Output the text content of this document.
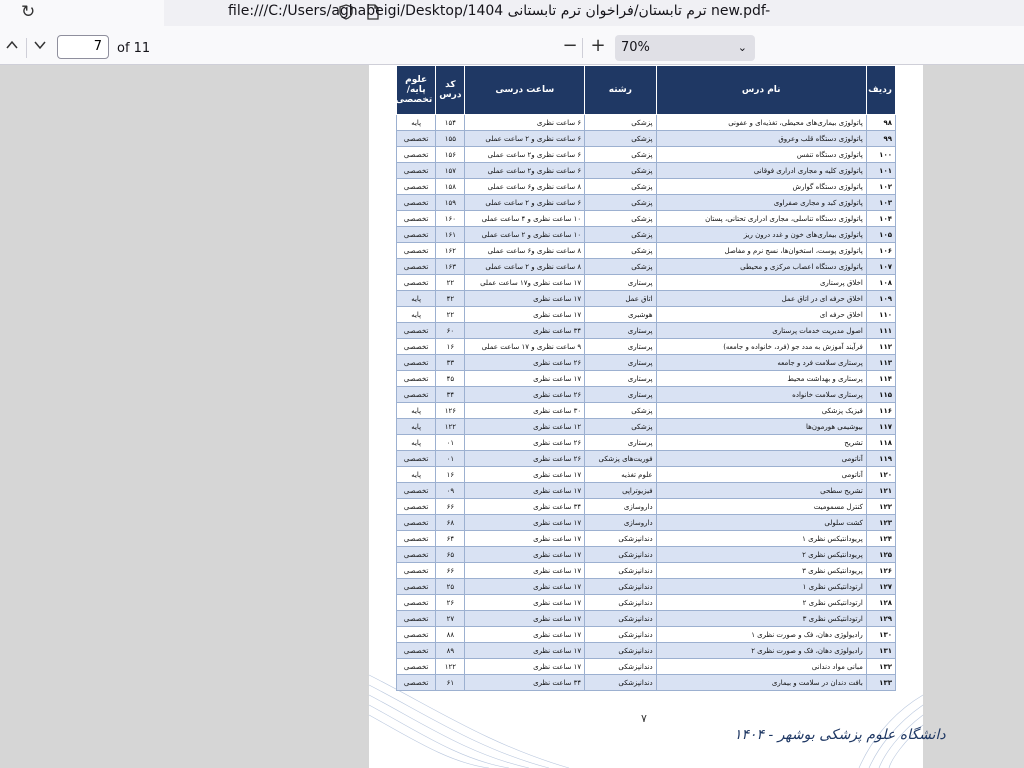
↻	file:///C:/Users/aghabeigi/Desktop/1404 ترم تابستان/فراخوان ترم تابستانی new.pdf-
7	of 11	− +	70%	⌄
ردیف	نام درس	رشته	ساعت درسی	کد درس	علوم پایه/ تخصصی
۹۸	پاتولوژی بیماری‌های محیطی، تغذیه‌ای و عفونی	پزشکی	۶ ساعت نظری	۱۵۴	پایه
۹۹	پاتولوژی دستگاه قلب وعروق	پزشکی	۶ ساعت نظری و ۲ ساعت عملی	۱۵۵	تخصصی
۱۰۰	پاتولوژی دستگاه تنفس	پزشکی	۶ ساعت نظری و۲ ساعت عملی	۱۵۶	تخصصی
۱۰۱	پاتولوژی کلیه و مجاری ادراری فوقانی	پزشکی	۶ ساعت نظری و۲ ساعت عملی	۱۵۷	تخصصی
۱۰۲	پاتولوژی دستگاه گوارش	پزشکی	۸ ساعت نظری و۶ ساعت عملی	۱۵۸	تخصصی
۱۰۳	پاتولوژی کبد و مجاری صفراوی	پزشکی	۶ ساعت نظری و ۲ ساعت عملی	۱۵۹	تخصصی
۱۰۴	پاتولوژی دستگاه تناسلی، مجاری ادراری تحتانی، پستان	پزشکی	۱۰ ساعت نظری و ۴ ساعت عملی	۱۶۰	تخصصی
۱۰۵	پاتولوژی بیماری‌های خون و غدد درون ریز	پزشکی	۱۰ ساعت نظری و ۲ ساعت عملی	۱۶۱	تخصصی
۱۰۶	پاتولوژی پوست، استخوان‌ها، نسج نرم و مفاصل	پزشکی	۸ ساعت نظری و۶ ساعت عملی	۱۶۲	تخصصی
۱۰۷	پاتولوژی دستگاه اعصاب مرکزی و محیطی	پزشکی	۸ ساعت نظری و ۲ ساعت عملی	۱۶۳	تخصصی
۱۰۸	اخلاق پرستاری	پرستاری	۱۷ ساعت نظری و۱۷ ساعت عملی	۲۲	تخصصی
۱۰۹	اخلاق حرفه ای در اتاق عمل	اتاق عمل	۱۷ ساعت نظری	۴۲	پایه
۱۱۰	اخلاق حرفه ای	هوشبری	۱۷ ساعت نظری	۲۲	پایه
۱۱۱	اصول مدیریت خدمات پرستاری	پرستاری	۳۴ ساعت نظری	۶۰	تخصصی
۱۱۲	فرآیند آموزش به مدد جو (فرد، خانواده و جامعه)	پرستاری	۹ ساعت نظری و ۱۷ ساعت عملی	۱۶	تخصصی
۱۱۳	پرستاری سلامت فرد و جامعه	پرستاری	۲۶ ساعت نظری	۳۳	تخصصی
۱۱۴	پرستاری و بهداشت محیط	پرستاری	۱۷ ساعت نظری	۴۵	تخصصی
۱۱۵	پرستاری سلامت خانواده	پرستاری	۲۶ ساعت نظری	۳۴	تخصصی
۱۱۶	فیزیک پزشکی	پزشکی	۳۰ ساعت نظری	۱۲۶	پایه
۱۱۷	بیوشیمی هورمون‌ها	پزشکی	۱۲ ساعت نظری	۱۲۲	پایه
۱۱۸	تشریح	پرستاری	۲۶ ساعت نظری	۰۱	پایه
۱۱۹	آناتومی	فوریت‌های پزشکی	۲۶ ساعت نظری	۰۱	تخصصی
۱۲۰	آناتومی	علوم تغذیه	۱۷ ساعت نظری	۱۶	پایه
۱۲۱	تشریح سطحی	فیزیوتراپی	۱۷ ساعت نظری	۰۹	تخصصی
۱۲۲	کنترل مسمومیت	داروسازی	۳۴ ساعت نظری	۶۶	تخصصی
۱۲۳	کشت سلولی	داروسازی	۱۷ ساعت نظری	۶۸	تخصصی
۱۲۴	پریودانتیکس نظری ۱	دندانپزشکی	۱۷ ساعت نظری	۶۴	تخصصی
۱۲۵	پریودانتیکس نظری ۲	دندانپزشکی	۱۷ ساعت نظری	۶۵	تخصصی
۱۲۶	پریودانتیکس نظری ۳	دندانپزشکی	۱۷ ساعت نظری	۶۶	تخصصی
۱۲۷	ارتودانتیکس نظری ۱	دندانپزشکی	۱۷ ساعت نظری	۲۵	تخصصی
۱۲۸	ارتودانتیکس نظری ۲	دندانپزشکی	۱۷ ساعت نظری	۲۶	تخصصی
۱۲۹	ارتودانتیکس نظری ۳	دندانپزشکی	۱۷ ساعت نظری	۲۷	تخصصی
۱۳۰	رادیولوژی دهان، فک و صورت نظری ۱	دندانپزشکی	۱۷ ساعت نظری	۸۸	تخصصی
۱۳۱	رادیولوژی دهان، فک و صورت نظری ۲	دندانپزشکی	۱۷ ساعت نظری	۸۹	تخصصی
۱۳۲	مبانی مواد دندانی	دندانپزشکی	۱۷ ساعت نظری	۱۲۲	تخصصی
۱۳۳	بافت دندان در سلامت و بیماری	دندانپزشکی	۳۴ ساعت نظری	۶۱	تخصصی
۷
دانشگاه علوم پزشکی بوشهر - ۱۴۰۴
